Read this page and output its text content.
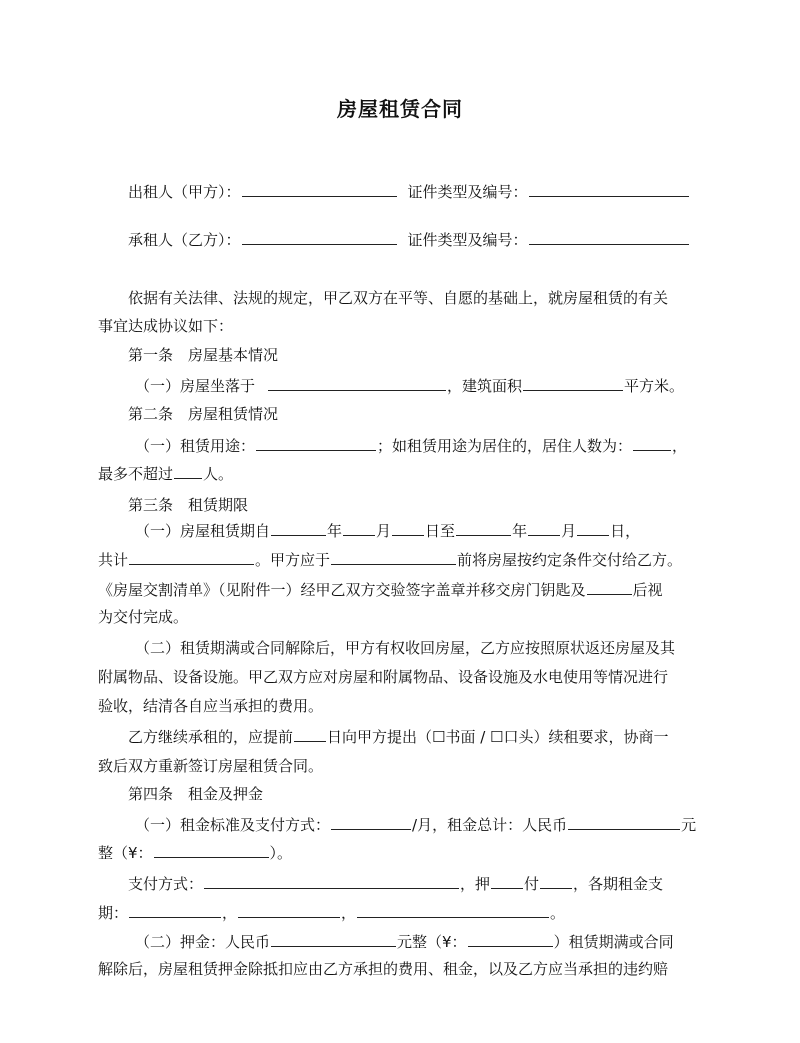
房屋租赁合同
出租人（甲方）：	证件类型及编号：
承租人（乙方）：	证件类型及编号：
依据有关法律、法规的规定，甲乙双方在平等、自愿的基础上，就房屋租赁的有关
事宜达成协议如下：
第一条　房屋基本情况
（一）房屋坐落于	，建筑面积	平方米。
第二条　房屋租赁情况
（一）租赁用途：	；如租赁用途为居住的，居住人数为：	，
最多不超过 人。
第三条　租赁期限
（一）房屋租赁期自	年 月 日至	年 月 日，
共计	。甲方应于	前将房屋按约定条件交付给乙方。
《房屋交割清单》（见附件一）经甲乙双方交验签字盖章并移交房门钥匙及	后视
为交付完成。
（二）租赁期满或合同解除后，甲方有权收回房屋，乙方应按照原状返还房屋及其
附属物品、设备设施。甲乙双方应对房屋和附属物品、设备设施及水电使用等情况进行
验收，结清各自应当承担的费用。
乙方继续承租的，应提前 日向甲方提出（☐书面 / ☐口头）续租要求，协商一
致后双方重新签订房屋租赁合同。
第四条　租金及押金
（一）租金标准及支付方式：	/月，租金总计：人民币	元
整（¥：	）。
支付方式：	，押 付 ，各期租金支
期：	，	，	。
（二）押金：人民币	元整（¥：	）租赁期满或合同
解除后，房屋租赁押金除抵扣应由乙方承担的费用、租金，以及乙方应当承担的违约赔
